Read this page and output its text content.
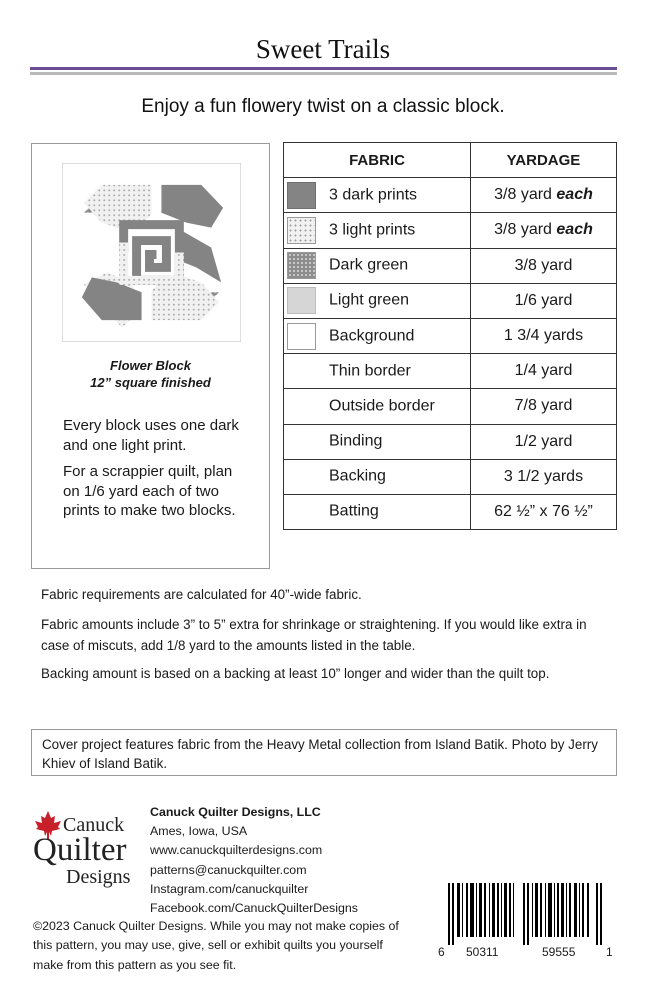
Sweet Trails
Enjoy a fun flowery twist on a classic block.
Flower Block
12” square finished
Every block uses one dark and one light print.
For a scrappier quilt, plan on 1/6 yard each of two prints to make two blocks.
FABRIC	YARDAGE
3 dark prints	3/8 yard each
3 light prints	3/8 yard each
Dark green	3/8 yard
Light green	1/6 yard
Background	1 3/4 yards
Thin border	1/4 yard
Outside border	7/8 yard
Binding	1/2 yard
Backing	3 1/2 yards
Batting	62 ½” x 76 ½”
Fabric requirements are calculated for 40”-wide fabric.
Fabric amounts include 3” to 5” extra for shrinkage or straightening. If you would like extra in case of miscuts, add 1/8 yard to the amounts listed in the table.
Backing amount is based on a backing at least 10” longer and wider than the quilt top.
Cover project features fabric from the Heavy Metal collection from Island Batik. Photo by Jerry Khiev of Island Batik.
Canuck
Quilter
Designs
Canuck Quilter Designs, LLC
Ames, Iowa, USA
www.canuckquilterdesigns.com
patterns@canuckquilter.com
Instagram.com/canuckquilter
Facebook.com/CanuckQuilterDesigns
6 50311	59555	1
©2023 Canuck Quilter Designs. While you may not make copies of this pattern, you may use, give, sell or exhibit quilts you yourself make from this pattern as you see fit.
